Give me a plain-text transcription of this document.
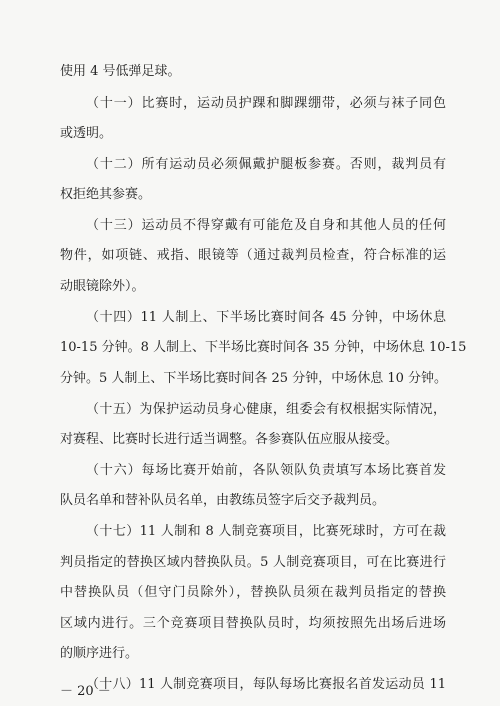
使用 4 号低弹足球。

（十一）比赛时，运动员护踝和脚踝绷带，必须与袜子同色

或透明。

（十二）所有运动员必须佩戴护腿板参赛。否则，裁判员有

权拒绝其参赛。

（十三）运动员不得穿戴有可能危及自身和其他人员的任何

物件，如项链、戒指、眼镜等（通过裁判员检查，符合标准的运

动眼镜除外）。

（十四）11 人制上、下半场比赛时间各 45 分钟，中场休息

10-15 分钟。8 人制上、下半场比赛时间各 35 分钟，中场休息 10-15

分钟。5 人制上、下半场比赛时间各 25 分钟，中场休息 10 分钟。

（十五）为保护运动员身心健康，组委会有权根据实际情况，

对赛程、比赛时长进行适当调整。各参赛队伍应服从接受。

（十六）每场比赛开始前，各队领队负责填写本场比赛首发

队员名单和替补队员名单，由教练员签字后交予裁判员。

（十七）11 人制和 8 人制竞赛项目，比赛死球时，方可在裁

判员指定的替换区域内替换队员。5 人制竞赛项目，可在比赛进行

中替换队员（但守门员除外），替换队员须在裁判员指定的替换

区域内进行。三个竞赛项目替换队员时，均须按照先出场后进场

的顺序进行。

（十八）11 人制竞赛项目，每队每场比赛报名首发运动员 11

－ 20 －
